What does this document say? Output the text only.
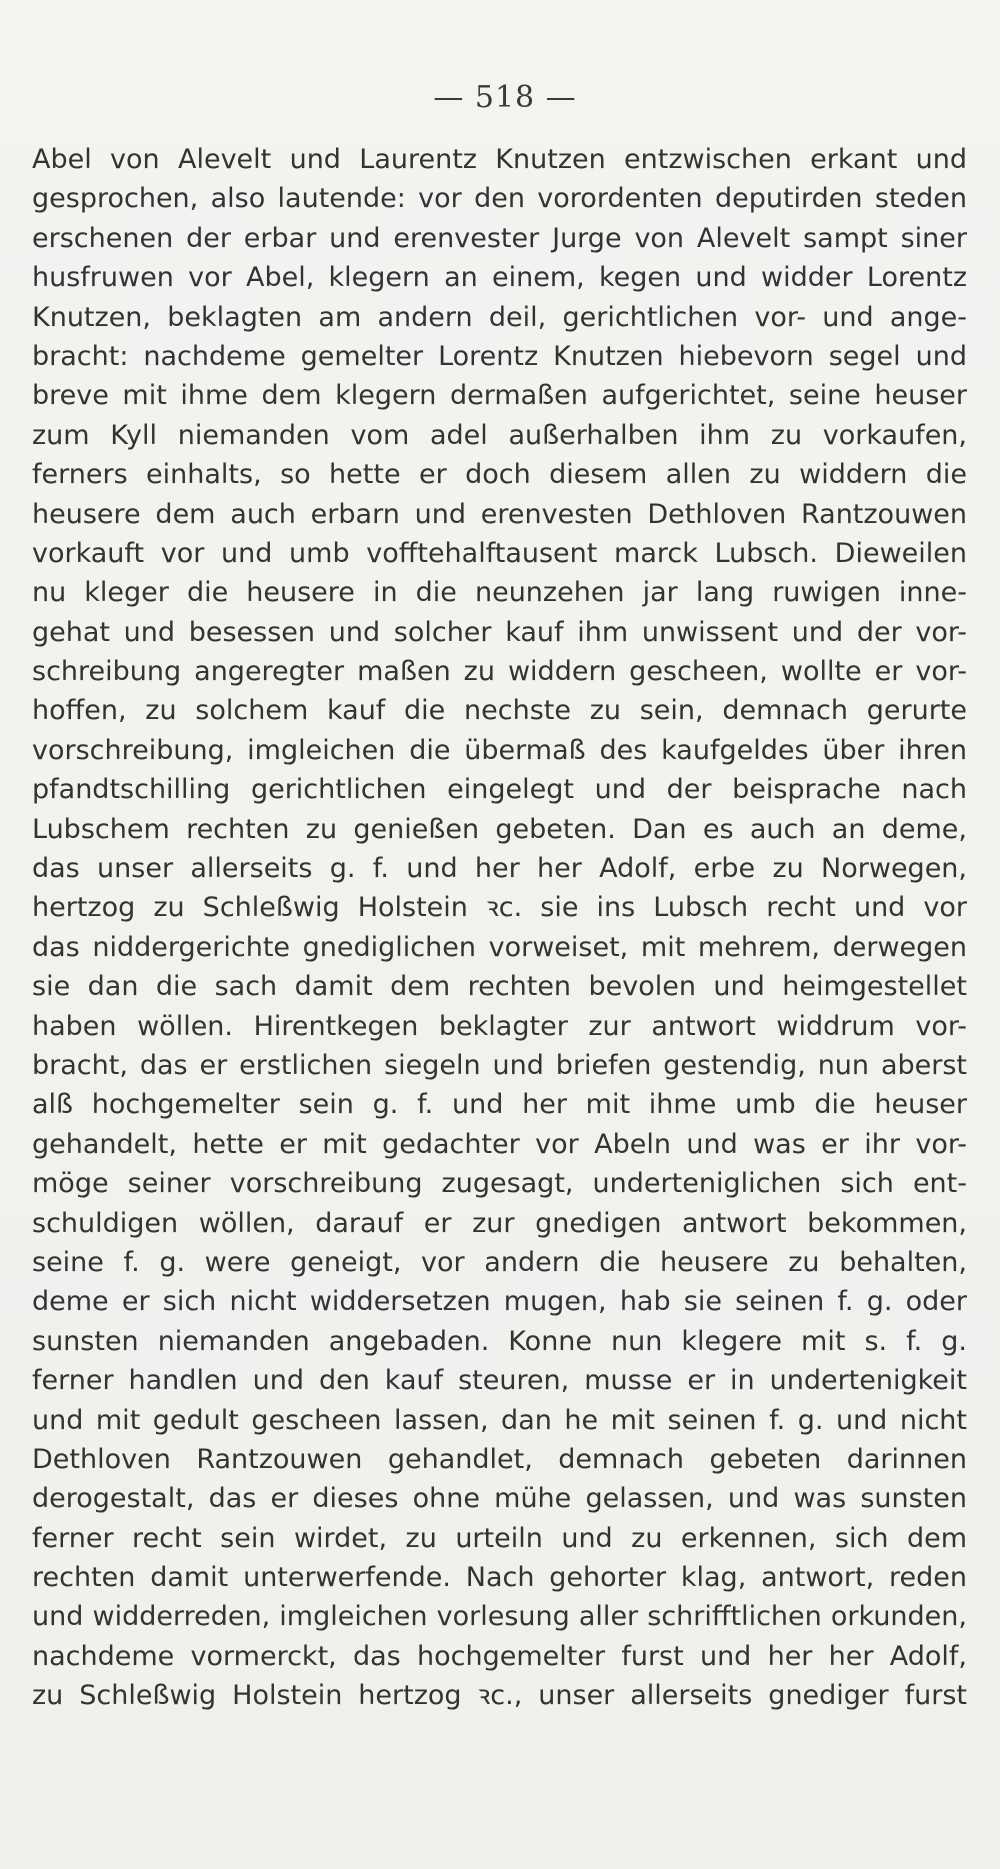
— 518 —
Abel von Alevelt und Laurentz Knutzen entzwischen erkant und
gesprochen, also lautende: vor den vorordenten deputirden steden
erschenen der erbar und erenvester Jurge von Alevelt sampt siner
husfruwen vor Abel, klegern an einem, kegen und widder Lorentz
Knutzen, beklagten am andern deil, gerichtlichen vor- und ange-
bracht: nachdeme gemelter Lorentz Knutzen hiebevorn segel und
breve mit ihme dem klegern dermaßen aufgerichtet, seine heuser
zum Kyll niemanden vom adel außerhalben ihm zu vorkaufen,
ferners einhalts, so hette er doch diesem allen zu widdern die
heusere dem auch erbarn und erenvesten Dethloven Rantzouwen
vorkauft vor und umb vofftehalftausent marck Lubsch. Dieweilen
nu kleger die heusere in die neunzehen jar lang ruwigen inne-
gehat und besessen und solcher kauf ihm unwissent und der vor-
schreibung angeregter maßen zu widdern gescheen, wollte er vor-
hoffen, zu solchem kauf die nechste zu sein, demnach gerurte
vorschreibung, imgleichen die übermaß des kaufgeldes über ihren
pfandtschilling gerichtlichen eingelegt und der beisprache nach
Lubschem rechten zu genießen gebeten. Dan es auch an deme,
das unser allerseits g. f. und her her Adolf, erbe zu Norwegen,
hertzog zu Schleßwig Holstein ꝛc. sie ins Lubsch recht und vor
das niddergerichte gnediglichen vorweiset, mit mehrem, derwegen
sie dan die sach damit dem rechten bevolen und heimgestellet
haben wöllen. Hirentkegen beklagter zur antwort widdrum vor-
bracht, das er erstlichen siegeln und briefen gestendig, nun aberst
alß hochgemelter sein g. f. und her mit ihme umb die heuser
gehandelt, hette er mit gedachter vor Abeln und was er ihr vor-
möge seiner vorschreibung zugesagt, underteniglichen sich ent-
schuldigen wöllen, darauf er zur gnedigen antwort bekommen,
seine f. g. were geneigt, vor andern die heusere zu behalten,
deme er sich nicht widdersetzen mugen, hab sie seinen f. g. oder
sunsten niemanden angebaden. Konne nun klegere mit s. f. g.
ferner handlen und den kauf steuren, musse er in undertenigkeit
und mit gedult gescheen lassen, dan he mit seinen f. g. und nicht
Dethloven Rantzouwen gehandlet, demnach gebeten darinnen
derogestalt, das er dieses ohne mühe gelassen, und was sunsten
ferner recht sein wirdet, zu urteiln und zu erkennen, sich dem
rechten damit unterwerfende. Nach gehorter klag, antwort, reden
und widderreden, imgleichen vorlesung aller schrifftlichen orkunden,
nachdeme vormerckt, das hochgemelter furst und her her Adolf,
zu Schleßwig Holstein hertzog ꝛc., unser allerseits gnediger furst
